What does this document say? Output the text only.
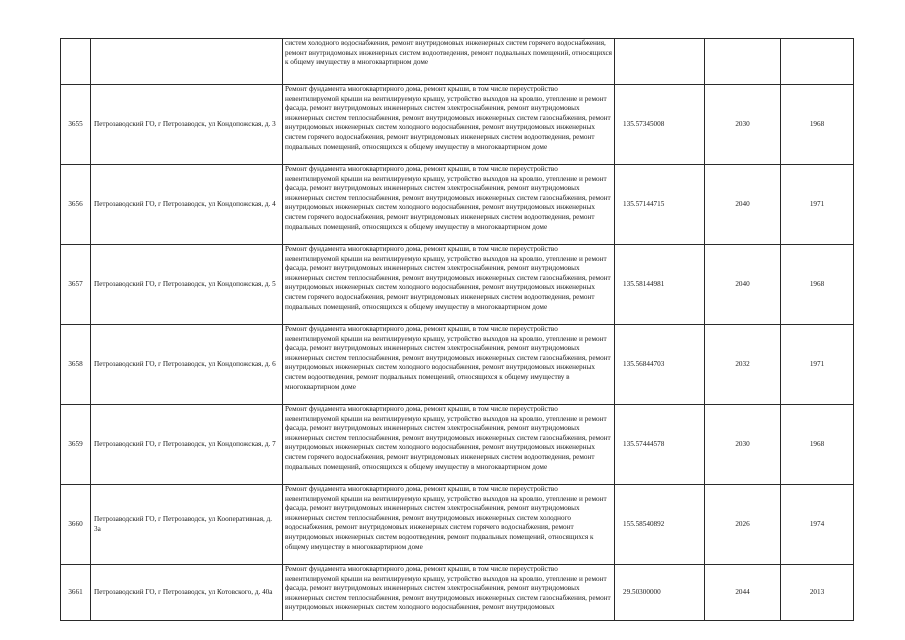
		систем холодного водоснабжения, ремонт внутридомовых инженерных систем горячего водоснабжения, ремонт внутридомовых инженерных систем водоотведения, ремонт подвальных помещений, относящихся к общему имуществу в многоквартирном доме			

3655	Петрозаводский ГО, г Петрозаводск, ул Кондопожская, д. 3	Ремонт фундамента многоквартирного дома, ремонт крыши, в том числе переустройство невентилируемой крыши на вентилируемую крышу, устройство выходов на кровлю, утепление и ремонт фасада, ремонт внутридомовых инженерных систем электроснабжения, ремонт внутридомовых инженерных систем теплоснабжения, ремонт внутридомовых инженерных систем газоснабжения, ремонт внутридомовых инженерных систем холодного водоснабжения, ремонт внутридомовых инженерных систем горячего водоснабжения, ремонт внутридомовых инженерных систем водоотведения, ремонт подвальных помещений, относящихся к общему имуществу в многоквартирном доме	135.57345008	2030	1968
3656	Петрозаводский ГО, г Петрозаводск, ул Кондопожская, д. 4	Ремонт фундамента многоквартирного дома, ремонт крыши, в том числе переустройство невентилируемой крыши на вентилируемую крышу, устройство выходов на кровлю, утепление и ремонт фасада, ремонт внутридомовых инженерных систем электроснабжения, ремонт внутридомовых инженерных систем теплоснабжения, ремонт внутридомовых инженерных систем газоснабжения, ремонт внутридомовых инженерных систем холодного водоснабжения, ремонт внутридомовых инженерных систем горячего водоснабжения, ремонт внутридомовых инженерных систем водоотведения, ремонт подвальных помещений, относящихся к общему имуществу в многоквартирном доме	135.57144715	2040	1971
3657	Петрозаводский ГО, г Петрозаводск, ул Кондопожская, д. 5	Ремонт фундамента многоквартирного дома, ремонт крыши, в том числе переустройство невентилируемой крыши на вентилируемую крышу, устройство выходов на кровлю, утепление и ремонт фасада, ремонт внутридомовых инженерных систем электроснабжения, ремонт внутридомовых инженерных систем теплоснабжения, ремонт внутридомовых инженерных систем газоснабжения, ремонт внутридомовых инженерных систем холодного водоснабжения, ремонт внутридомовых инженерных систем горячего водоснабжения, ремонт внутридомовых инженерных систем водоотведения, ремонт подвальных помещений, относящихся к общему имуществу в многоквартирном доме	135.58144981	2040	1968
3658	Петрозаводский ГО, г Петрозаводск, ул Кондопожская, д. 6	Ремонт фундамента многоквартирного дома, ремонт крыши, в том числе переустройство невентилируемой крыши на вентилируемую крышу, устройство выходов на кровлю, утепление и ремонт фасада, ремонт внутридомовых инженерных систем электроснабжения, ремонт внутридомовых инженерных систем теплоснабжения, ремонт внутридомовых инженерных систем газоснабжения, ремонт внутридомовых инженерных систем холодного водоснабжения, ремонт внутридомовых инженерных систем водоотведения, ремонт подвальных помещений, относящихся к общему имуществу в многоквартирном доме	135.56844703	2032	1971
3659	Петрозаводский ГО, г Петрозаводск, ул Кондопожская, д. 7	Ремонт фундамента многоквартирного дома, ремонт крыши, в том числе переустройство невентилируемой крыши на вентилируемую крышу, устройство выходов на кровлю, утепление и ремонт фасада, ремонт внутридомовых инженерных систем электроснабжения, ремонт внутридомовых инженерных систем теплоснабжения, ремонт внутридомовых инженерных систем газоснабжения, ремонт внутридомовых инженерных систем холодного водоснабжения, ремонт внутридомовых инженерных систем горячего водоснабжения, ремонт внутридомовых инженерных систем водоотведения, ремонт подвальных помещений, относящихся к общему имуществу в многоквартирном доме	135.57444578	2030	1968
3660	Петрозаводский ГО, г Петрозаводск, ул Кооперативная, д. 3а	Ремонт фундамента многоквартирного дома, ремонт крыши, в том числе переустройство невентилируемой крыши на вентилируемую крышу, устройство выходов на кровлю, утепление и ремонт фасада, ремонт внутридомовых инженерных систем электроснабжения, ремонт внутридомовых инженерных систем теплоснабжения, ремонт внутридомовых инженерных систем холодного водоснабжения, ремонт внутридомовых инженерных систем горячего водоснабжения, ремонт внутридомовых инженерных систем водоотведения, ремонт подвальных помещений, относящихся к общему имуществу в многоквартирном доме	155.58540892	2026	1974
3661	Петрозаводский ГО, г Петрозаводск, ул Котовского, д. 40а	Ремонт фундамента многоквартирного дома, ремонт крыши, в том числе переустройство невентилируемой крыши на вентилируемую крышу, устройство выходов на кровлю, утепление и ремонт фасада, ремонт внутридомовых инженерных систем электроснабжения, ремонт внутридомовых инженерных систем теплоснабжения, ремонт внутридомовых инженерных систем газоснабжения, ремонт внутридомовых инженерных систем холодного водоснабжения, ремонт внутридомовых	29.50300000	2044	2013
